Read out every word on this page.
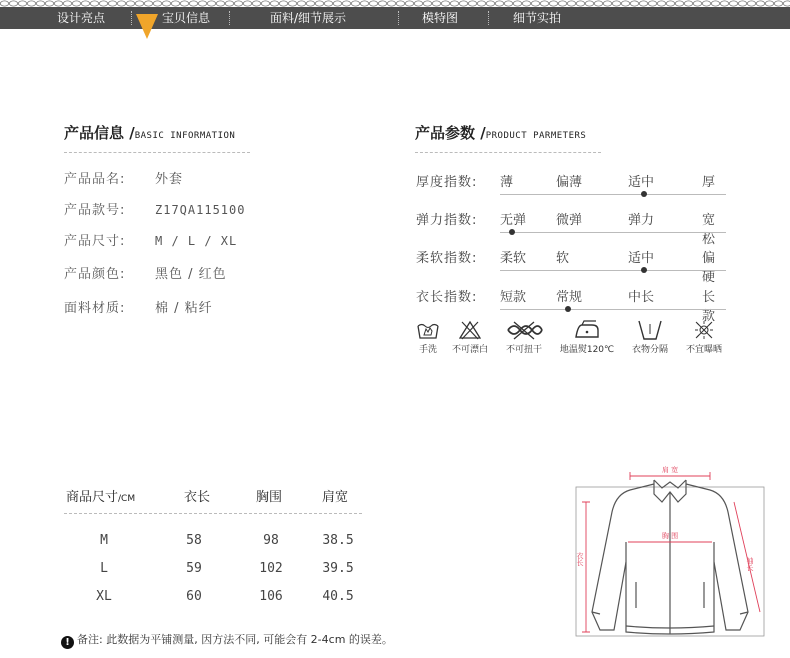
设计亮点	宝贝信息	面料/细节展示	模特图	细节实拍
产品信息 /BASIC INFORMATION
产品品名: 外套
产品款号: Z17QA115100
产品尺寸: M / L / XL
产品颜色: 黑色 / 红色
面料材质: 棉 / 粘纤
产品参数 /PRODUCT PARMETERS
厚度指数: 薄	偏薄	适中	厚
弹力指数: 无弹 微弹	弹力	宽松
柔软指数: 柔软 软	适中	偏硬
衣长指数: 短款 常规	中长	长款
手洗	不可漂白	不可扭干	地温熨120℃	衣物分隔	不宜曝晒
商品尺寸/CM	衣长	胸围	肩宽
M	58	98	38.5
L	59	102	39.5
XL	60	106	40.5
肩 宽
胸 围
衣长	袖长
! 备注: 此数据为平铺测量, 因方法不同, 可能会有 2-4cm 的误差。
